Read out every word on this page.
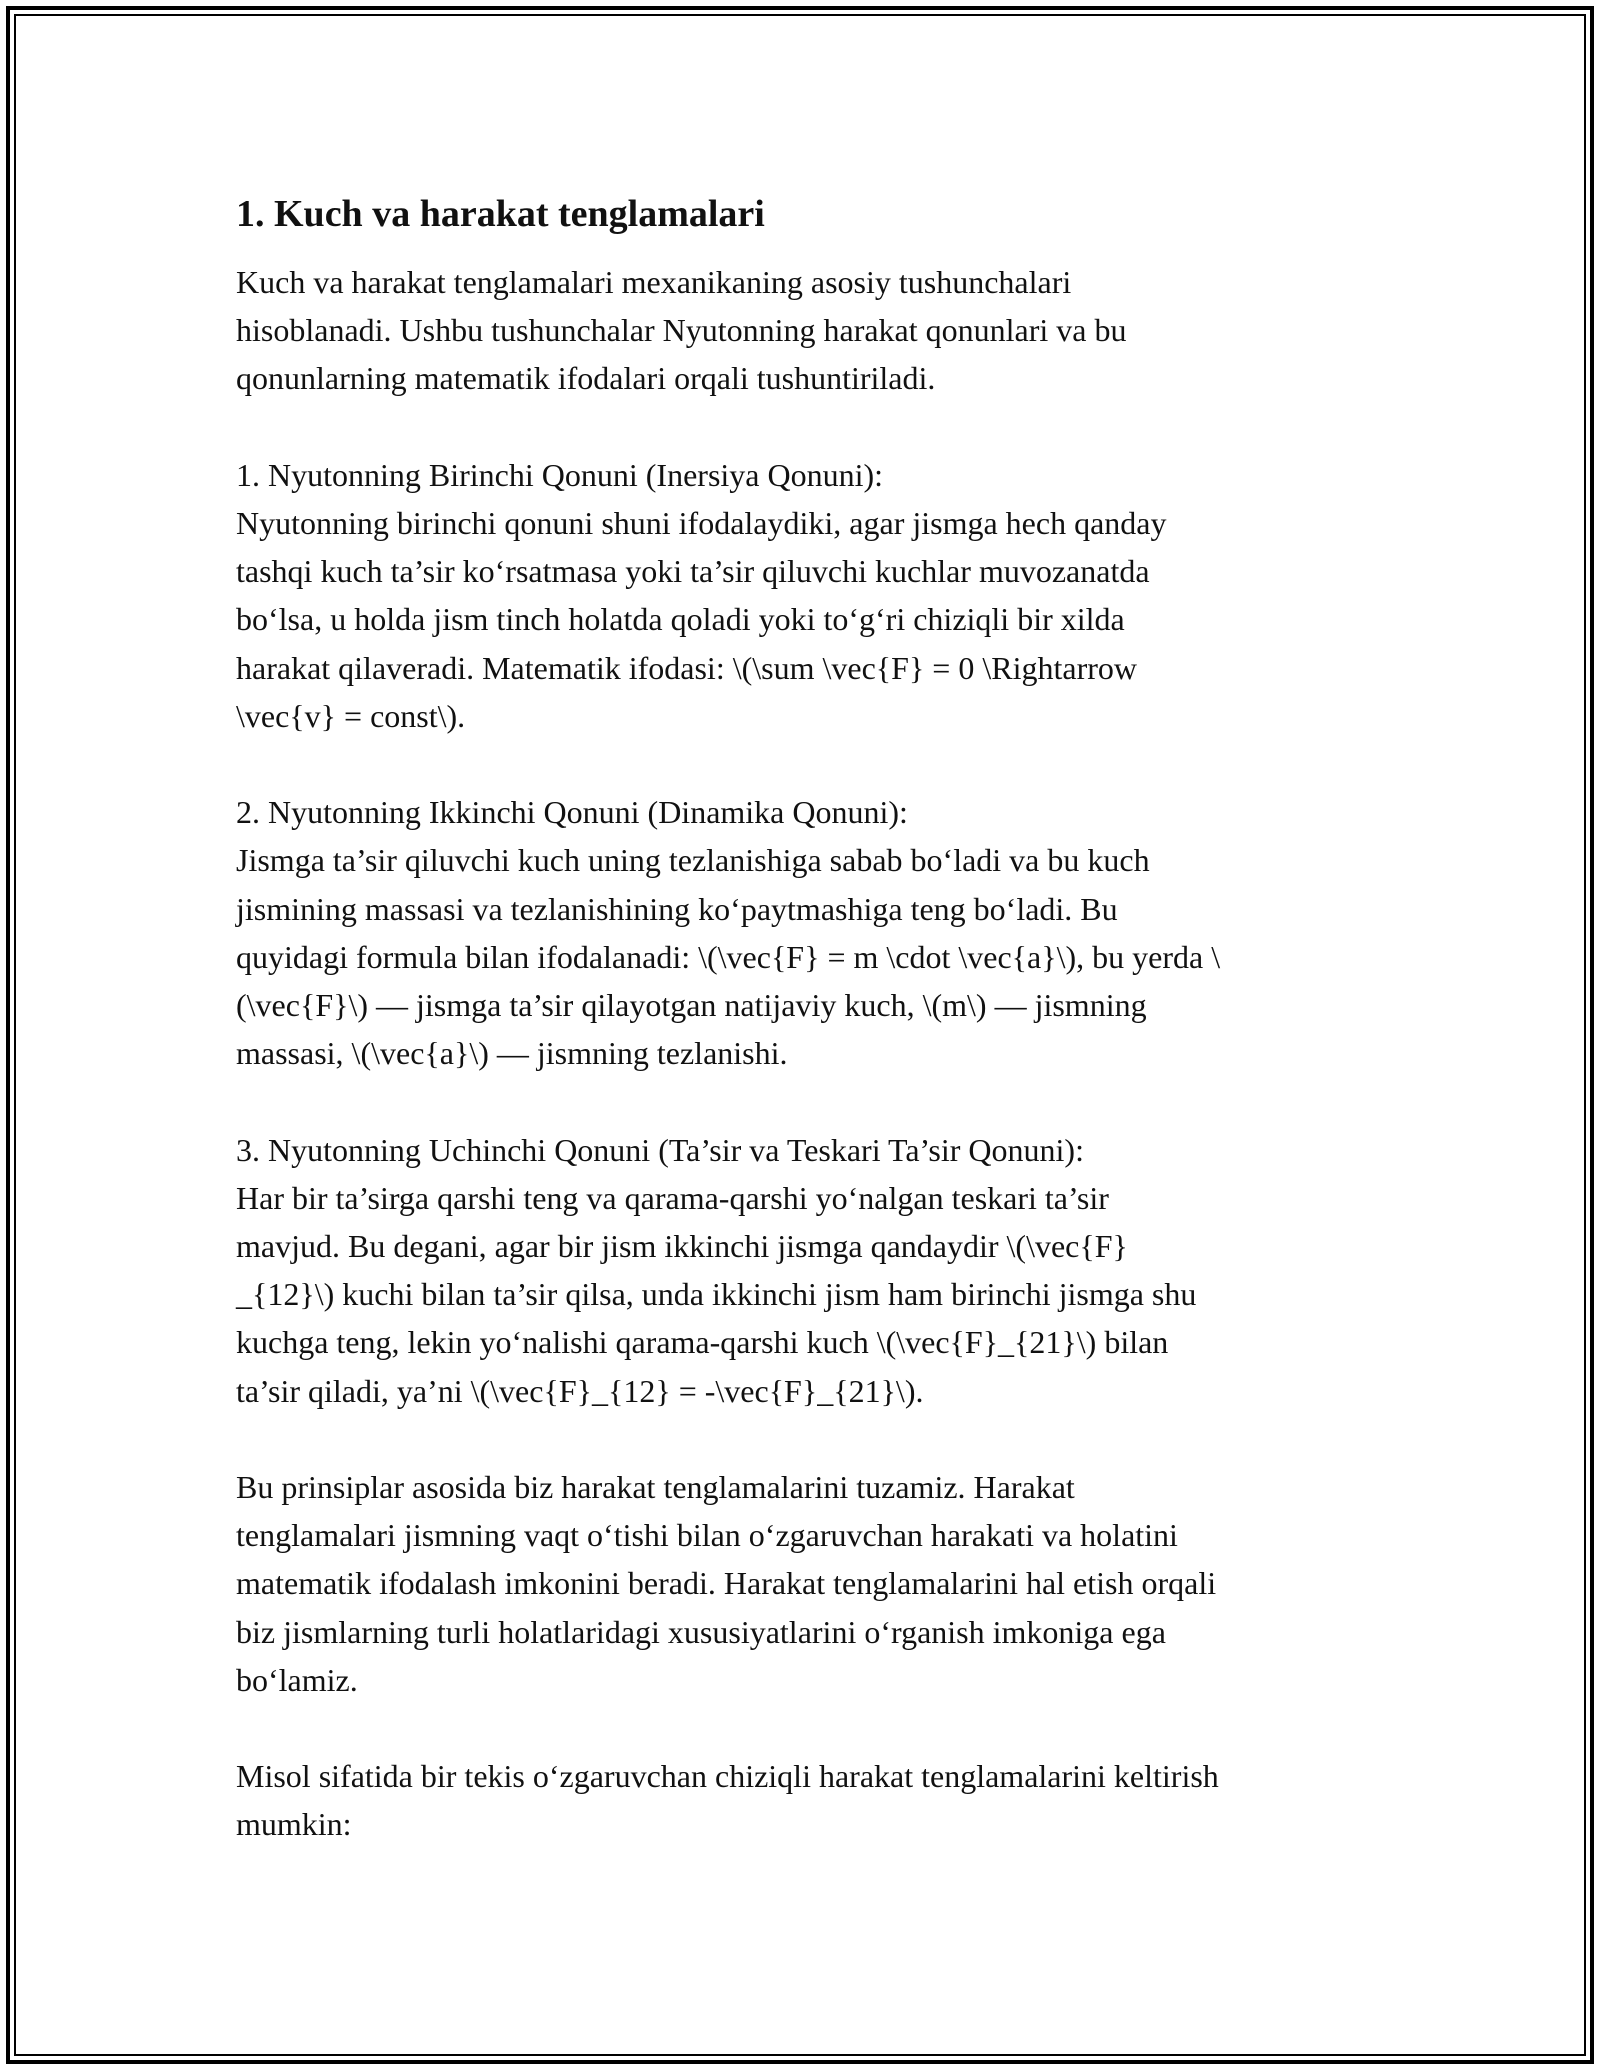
1. Kuch va harakat tenglamalari

Kuch va harakat tenglamalari mexanikaning asosiy tushunchalari
hisoblanadi. Ushbu tushunchalar Nyutonning harakat qonunlari va bu
qonunlarning matematik ifodalari orqali tushuntiriladi.

1. Nyutonning Birinchi Qonuni (Inersiya Qonuni):
Nyutonning birinchi qonuni shuni ifodalaydiki, agar jismga hech qanday
tashqi kuch ta’sir koʻrsatmasa yoki ta’sir qiluvchi kuchlar muvozanatda
boʻlsa, u holda jism tinch holatda qoladi yoki toʻgʻri chiziqli bir xilda
harakat qilaveradi. Matematik ifodasi: \(\sum \vec{F} = 0 \Rightarrow
\vec{v} = const\).

2. Nyutonning Ikkinchi Qonuni (Dinamika Qonuni):
Jismga ta’sir qiluvchi kuch uning tezlanishiga sabab boʻladi va bu kuch
jismining massasi va tezlanishining koʻpaytmashiga teng boʻladi. Bu
quyidagi formula bilan ifodalanadi: \(\vec{F} = m \cdot \vec{a}\), bu yerda \
(\vec{F}\) — jismga ta’sir qilayotgan natijaviy kuch, \(m\) — jismning
massasi, \(\vec{a}\) — jismning tezlanishi.

3. Nyutonning Uchinchi Qonuni (Ta’sir va Teskari Ta’sir Qonuni):
Har bir ta’sirga qarshi teng va qarama-qarshi yoʻnalgan teskari ta’sir
mavjud. Bu degani, agar bir jism ikkinchi jismga qandaydir \(\vec{F}
_{12}\) kuchi bilan ta’sir qilsa, unda ikkinchi jism ham birinchi jismga shu
kuchga teng, lekin yoʻnalishi qarama-qarshi kuch \(\vec{F}_{21}\) bilan
ta’sir qiladi, ya’ni \(\vec{F}_{12} = -\vec{F}_{21}\).

Bu prinsiplar asosida biz harakat tenglamalarini tuzamiz. Harakat
tenglamalari jismning vaqt oʻtishi bilan oʻzgaruvchan harakati va holatini
matematik ifodalash imkonini beradi. Harakat tenglamalarini hal etish orqali
biz jismlarning turli holatlaridagi xususiyatlarini oʻrganish imkoniga ega
boʻlamiz.

Misol sifatida bir tekis oʻzgaruvchan chiziqli harakat tenglamalarini keltirish
mumkin:
